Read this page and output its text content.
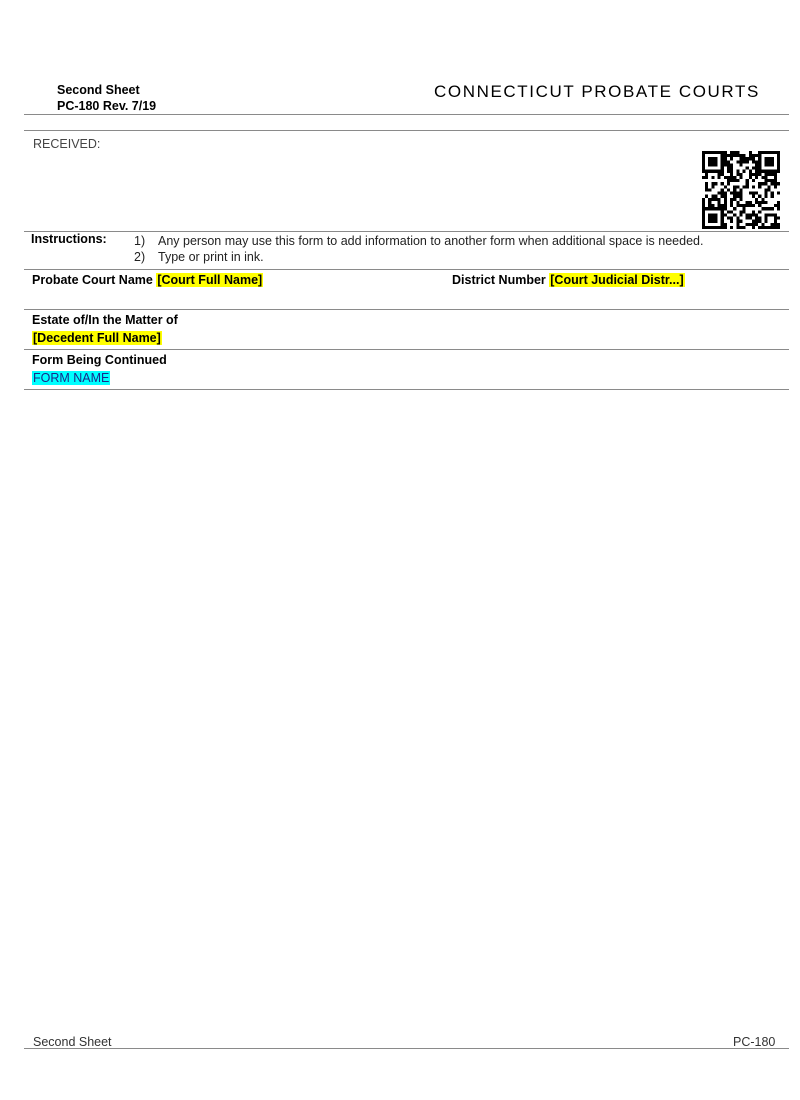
Second Sheet
PC-180 Rev. 7/19
CONNECTICUT PROBATE COURTS
RECEIVED:
Instructions: 1) Any person may use this form to add information to another form when additional space is needed.
2) Type or print in ink.
Probate Court Name [Court Full Name]	District Number [Court Judicial Distr...]
Estate of/In the Matter of
[Decedent Full Name]
Form Being Continued
FORM NAME
Second Sheet	PC-180
